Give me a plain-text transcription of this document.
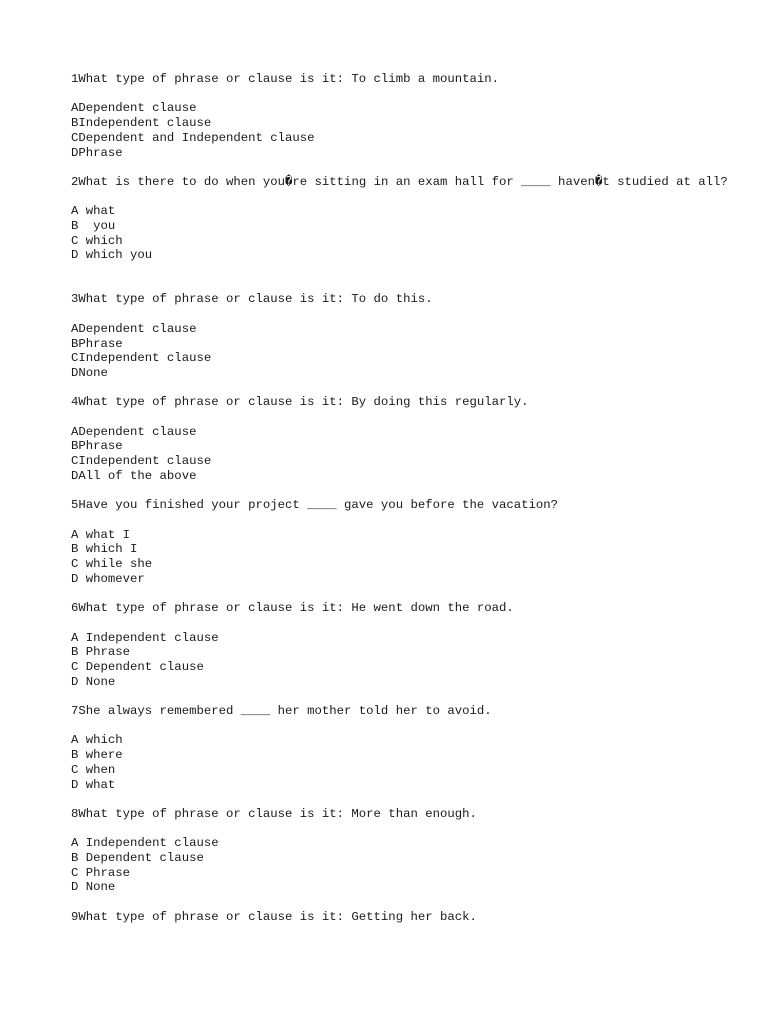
1What type of phrase or clause is it: To climb a mountain.
ADependent clause
BIndependent clause
CDependent and Independent clause
DPhrase
2What is there to do when you�re sitting in an exam hall for ____ haven�t studied at all?
A what
B  you
C which
D which you
3What type of phrase or clause is it: To do this.
ADependent clause
BPhrase
CIndependent clause
DNone
4What type of phrase or clause is it: By doing this regularly.
ADependent clause
BPhrase
CIndependent clause
DAll of the above
5Have you finished your project ____ gave you before the vacation?
A what I
B which I
C while she
D whomever
6What type of phrase or clause is it: He went down the road.
A Independent clause
B Phrase
C Dependent clause
D None
7She always remembered ____ her mother told her to avoid.
A which
B where
C when
D what
8What type of phrase or clause is it: More than enough.
A Independent clause
B Dependent clause
C Phrase
D None
9What type of phrase or clause is it: Getting her back.
